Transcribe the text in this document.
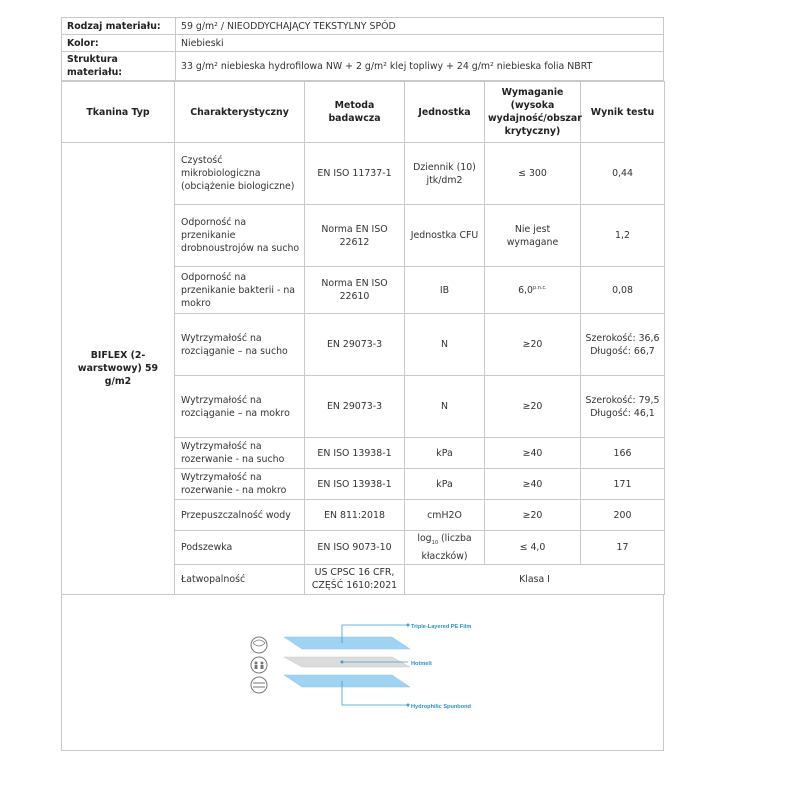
Rodzaj materiału:	59 g/m² / NIEODDYCHAJĄCY TEKSTYLNY SPÓD
Kolor:	Niebieski
Struktura materiału:	33 g/m² niebieska hydrofilowa NW + 2 g/m² klej topliwy + 24 g/m² niebieska folia NBRT
Tkanina Typ	Charakterystyczny	Metoda badawcza	Jednostka	Wymaganie (wysoka wydajność/obszar krytyczny)	Wynik testu
BIFLEX (2-warstwowy) 59 g/m2	Czystość mikrobiologiczna (obciążenie biologiczne)	EN ISO 11737-1	Dziennik (10) jtk/dm2	≤ 300	0,44
	Odporność na przenikanie drobnoustrojów na sucho	Norma EN ISO 22612	Jednostka CFU	Nie jest wymagane	1,2
	Odporność na przenikanie bakterii - na mokro	Norma EN ISO 22610	IB	$6,0^{p.n.c.}$	0,08
	Wytrzymałość na rozciąganie – na sucho	EN 29073-3	N	≥20	Szerokość: 36,6 Długość: 66,7
	Wytrzymałość na rozciąganie – na mokro	EN 29073-3	N	≥20	Szerokość: 79,5 Długość: 46,1
	Wytrzymałość na rozerwanie - na sucho	EN ISO 13938-1	kPa	≥40	166
	Wytrzymałość na rozerwanie - na mokro	EN ISO 13938-1	kPa	≥40	171
	Przepuszczalność wody	EN 811:2018	cmH2O	≥20	200
	Podszewka	EN ISO 9073-10	$\log_{10}$ (liczba kłaczków)	≤ 4,0	17
	Łatwopalność	US CPSC 16 CFR, CZĘŚĆ 1610:2021	Klasa I		
Triple-Layered PE Film
Hotmelt
Hydrophilic Spunbond
